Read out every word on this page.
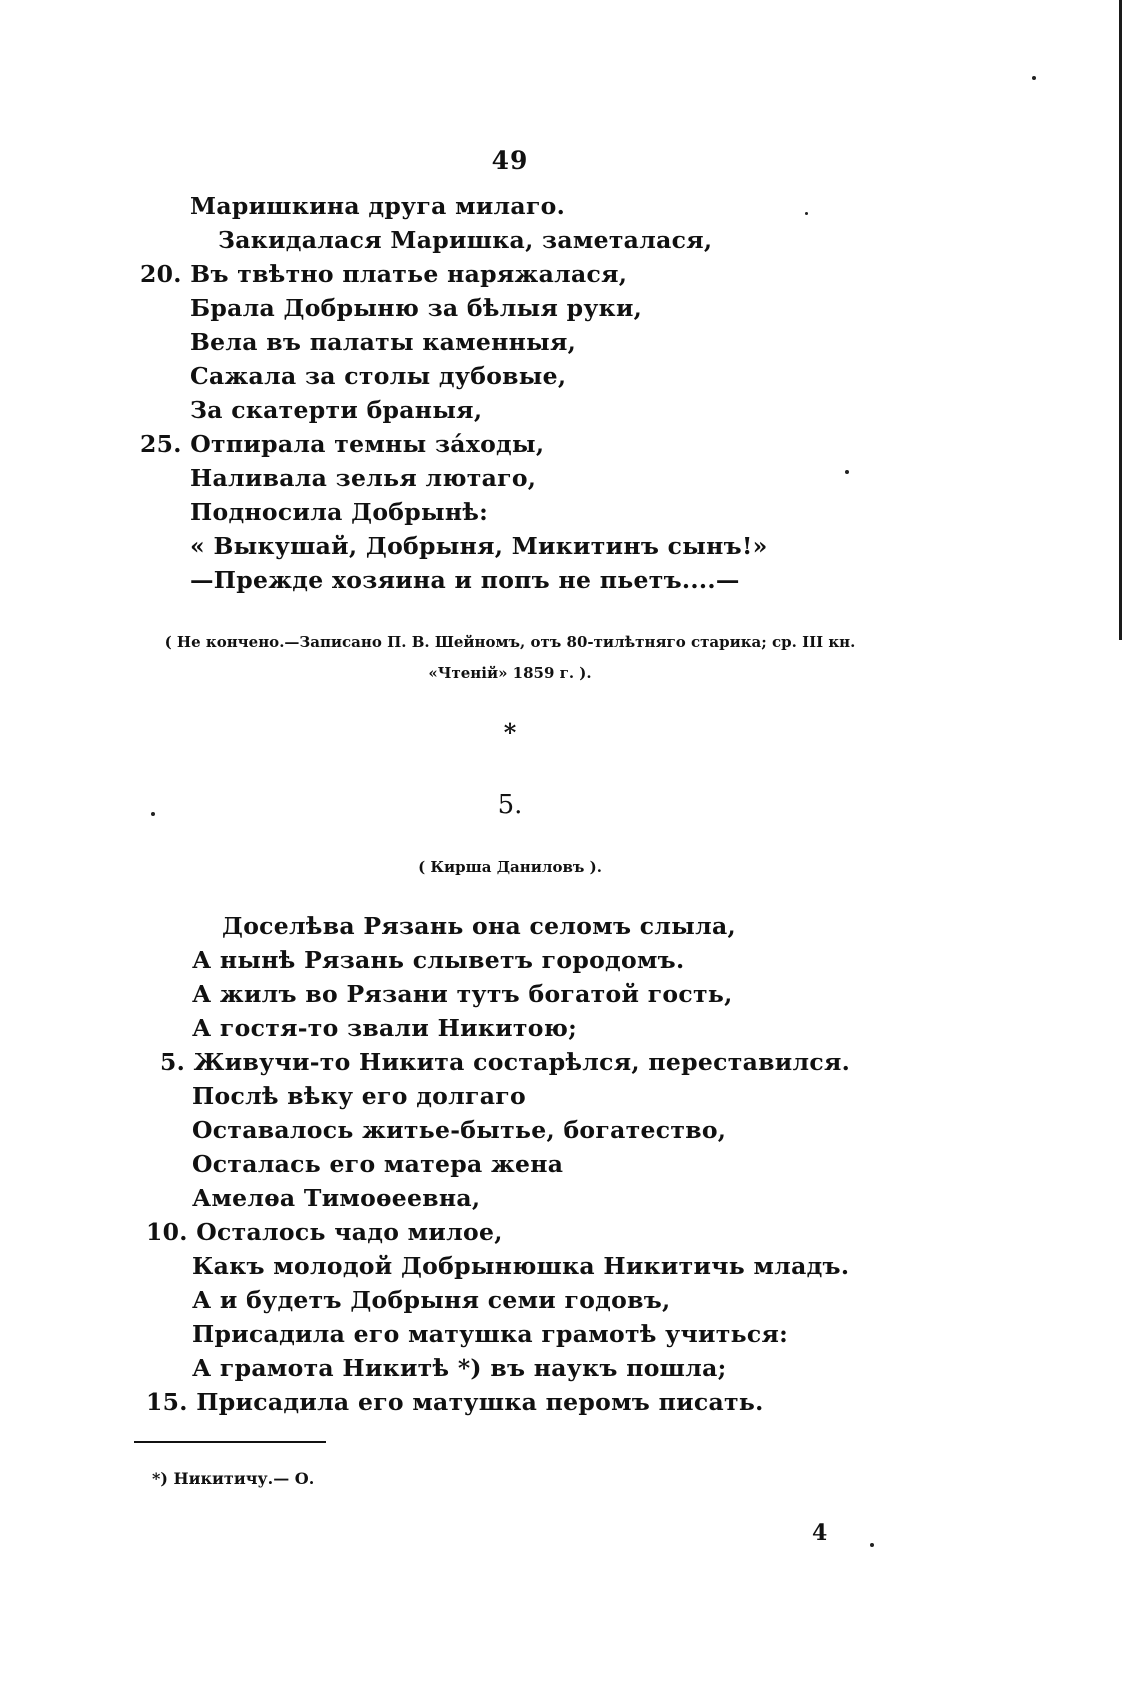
49
Маришкина друга милаго.
Закидалася Маришка, заметалася,
20. Въ твѣтно платье наряжалася,
Брала Добрыню за бѣлыя руки,
Вела въ палаты каменныя,
Сажала за столы дубовые,
За скатерти браныя,
25. Отпирала темны зáходы,
Наливала зелья лютаго,
Подносила Добрынѣ:
« Выкушай, Добрыня, Микитинъ сынъ!»
—Прежде хозяина и попъ не пьетъ....—
( Не кончено.—Записано П. В. Шейномъ, отъ 80-тилѣтняго старика; ср. III кн.
«Чтеній» 1859 г. ).
*
5.
( Кирша Даниловъ ).
Доселѣва Рязань она селомъ слыла,
А нынѣ Рязань слыветъ городомъ.
А жилъ во Рязани тутъ богатой гость,
А гостя-то звали Никитою;
5. Живучи-то Никита состарѣлся, переставился.
Послѣ вѣку его долгаго
Оставалось житье-бытье, богатество,
Осталась его матера жена
Амелѳа Тимоѳеевна,
10. Осталось чадо милое,
Какъ молодой Добрынюшка Никитичь младъ.
А и будетъ Добрыня семи годовъ,
Присадила его матушка грамотѣ учиться:
А грамота Никитѣ *) въ наукъ пошла;
15. Присадила его матушка перомъ писать.
*) Никитичу.— О.
4
